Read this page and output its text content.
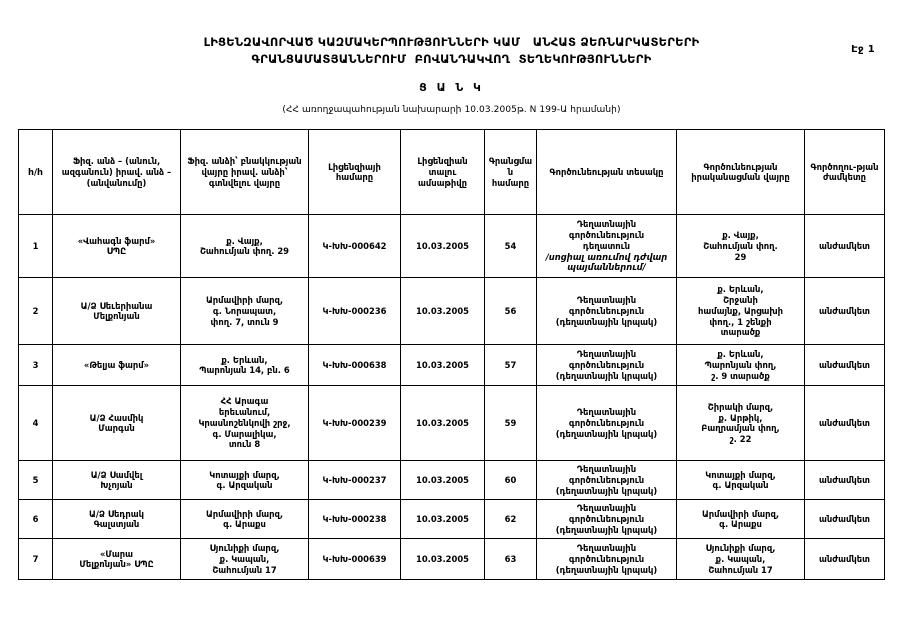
Էջ 1
ԼԻՑԵՆԶԱՎՈՐՎԱԾ ԿԱԶՄԱԿԵՐՊՈՒԹՅՈՒՆՆԵՐԻ ԿԱՄ   ԱՆՀԱՏ ՁԵՌՆԱՐԿԱՏԵՐԵՐԻ
ԳՐԱՆՑԱՄԱՏՅԱՆՆԵՐՈՒՄ  ԲՈՎԱՆԴԱԿՎՈՂ  ՏԵՂԵԿՈՒԹՅՈՒՆՆԵՐԻ
Ց Ա Ն Կ
(ՀՀ առողջապահության նախարարի 10.03.2005թ. N 199-Ա հրամանի)
h/h	Ֆիզ. անձ – (անուն, ազգանուն) իրավ. անձ – (անվանումը)	Ֆիզ. անձի՝ բնակկության վայրը իրավ. անձի՝ գտնվելու վայրը	Լիցենզիայի համարը	Լիցենզիան տալու ամսաթիվը	Գրանցման համարը	Գործունեության տեսակը	Գործունեության իրականացման վայրը	Գործողու-թյան ժամկետը
1	«Վահագն ֆարմ»
ՍՊԸ	ք. Վայք,
Շահումյան փող. 29	Կ-ԽԽ-000642	10.03.2005	54	Դեղատնային
գործունեություն
դեղատուն
/սոցիալ առումով դժվար
պայմաններում/	ք. Վայք,
Շահումյան փող.
29	անժամկետ
2	Ա/Ձ Սեւերիանա
Մելքոնյան	Արմավիրի մարզ,
գ. Նորապատ,
փող. 7, տուն 9	Կ-ԽԽ-000236	10.03.2005	56	Դեղատնային
գործունեություն
(դեղատնային կրպակ)	ք. Երևան,
Շրջանի
համայնք, Արցախի
փող., 1 շենքի
տարածք	անժամկետ
3	«Թելյա ֆարմ»	ք. Երևան,
Պարոնյան 14, բն. 6	Կ-ԽԽ-000638	10.03.2005	57	Դեղատնային
գործունեություն
(դեղատնային կրպակ)	ք. Երևան,
Պարոնյան փող,
շ. 9 տարածք	անժամկետ
4	Ա/Ձ Հասմիկ
Մարգսն	ՀՀ Արագա
երեւանում,
Կրասնոշենկովի շրջ,
գ. Մարալիկա,
տուն 8	Կ-ԽԽ-000239	10.03.2005	59	Դեղատնային
գործունեություն
(դեղատնային կրպակ)	Շիրակի մարզ,
ք. Արթիկ,
Բաղրամյան փող,
շ. 22	անժամկետ
5	Ա/Ձ Սամվել
Խչոյան	Կոտայքի մարզ,
գ. Արզական	Կ-ԽԽ-000237	10.03.2005	60	Դեղատնային
գործունեություն
(դեղատնային կրպակ)	Կոտայքի մարզ,
գ. Արզական	անժամկետ
6	Ա/Ձ Սեդրակ
Գալստյան	Արմավիրի մարզ,
գ. Արաքս	Կ-ԽԽ-000238	10.03.2005	62	Դեղատնային
գործունեություն
(դեղատնային կրպակ)	Արմավիրի մարզ,
գ. Արաքս	անժամկետ
7	«Մարա
Մելքոնյան» ՍՊԸ	Սյունիքի մարզ,
ք. Կապան,
Շահումյան 17	Կ-ԽԽ-000639	10.03.2005	63	Դեղատնային
գործունեություն
(դեղատնային կրպակ)	Սյունիքի մարզ,
ք. Կապան,
Շահումյան 17	անժամկետ
